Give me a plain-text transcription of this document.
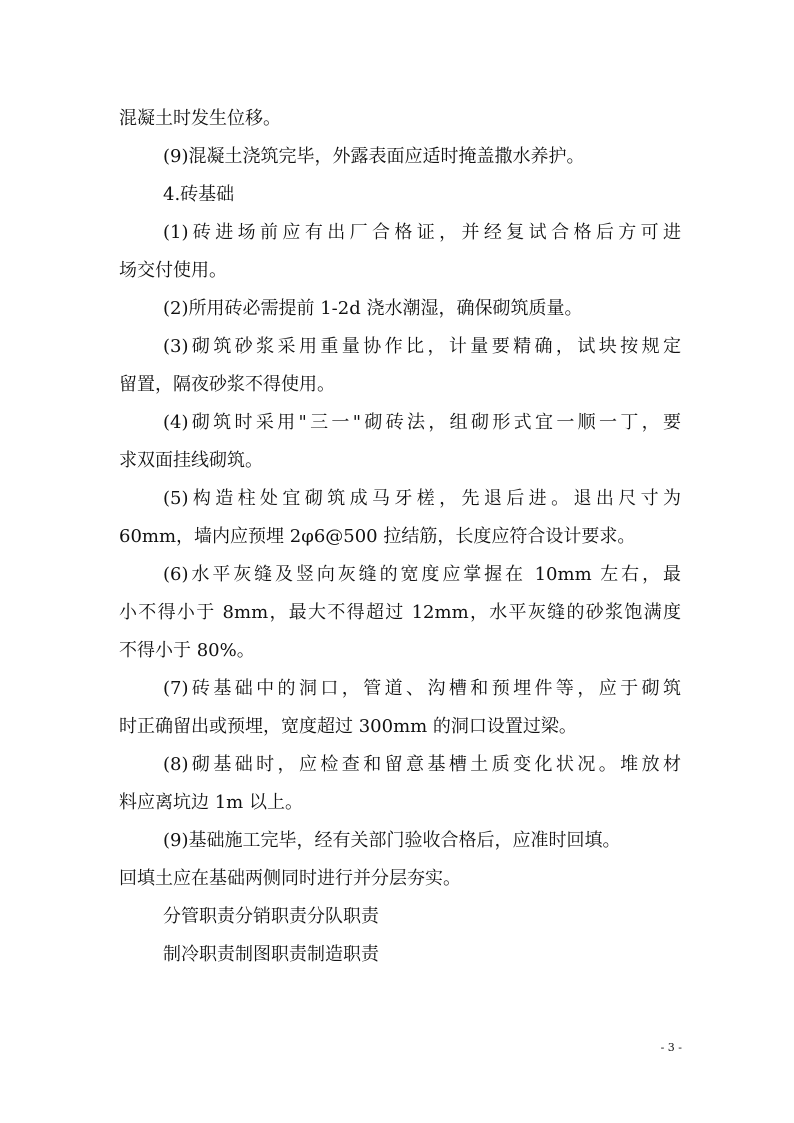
混凝土时发生位移。
(9)混凝土浇筑完毕，外露表面应适时掩盖撒水养护。
4.砖基础
(1)砖进场前应有出厂合格证，并经复试合格后方可进
场交付使用。
(2)所用砖必需提前 1-2d 浇水潮湿，确保砌筑质量。
(3)砌筑砂浆采用重量协作比，计量要精确，试块按规定
留置，隔夜砂浆不得使用。
(4)砌筑时采用"三一"砌砖法，组砌形式宜一顺一丁，要
求双面挂线砌筑。
(5)构造柱处宜砌筑成马牙槎，先退后进。退出尺寸为
60mm，墙内应预埋 2φ6@500 拉结筋，长度应符合设计要求。
(6)水平灰缝及竖向灰缝的宽度应掌握在 10mm 左右，最
小不得小于 8mm，最大不得超过 12mm，水平灰缝的砂浆饱满度
不得小于 80%。
(7)砖基础中的洞口，管道、沟槽和预埋件等，应于砌筑
时正确留出或预埋，宽度超过 300mm 的洞口设置过梁。
(8)砌基础时，应检查和留意基槽土质变化状况。堆放材
料应离坑边 1m 以上。
(9)基础施工完毕，经有关部门验收合格后，应准时回填。
回填土应在基础两侧同时进行并分层夯实。
分管职责分销职责分队职责
制冷职责制图职责制造职责
- 3 -
